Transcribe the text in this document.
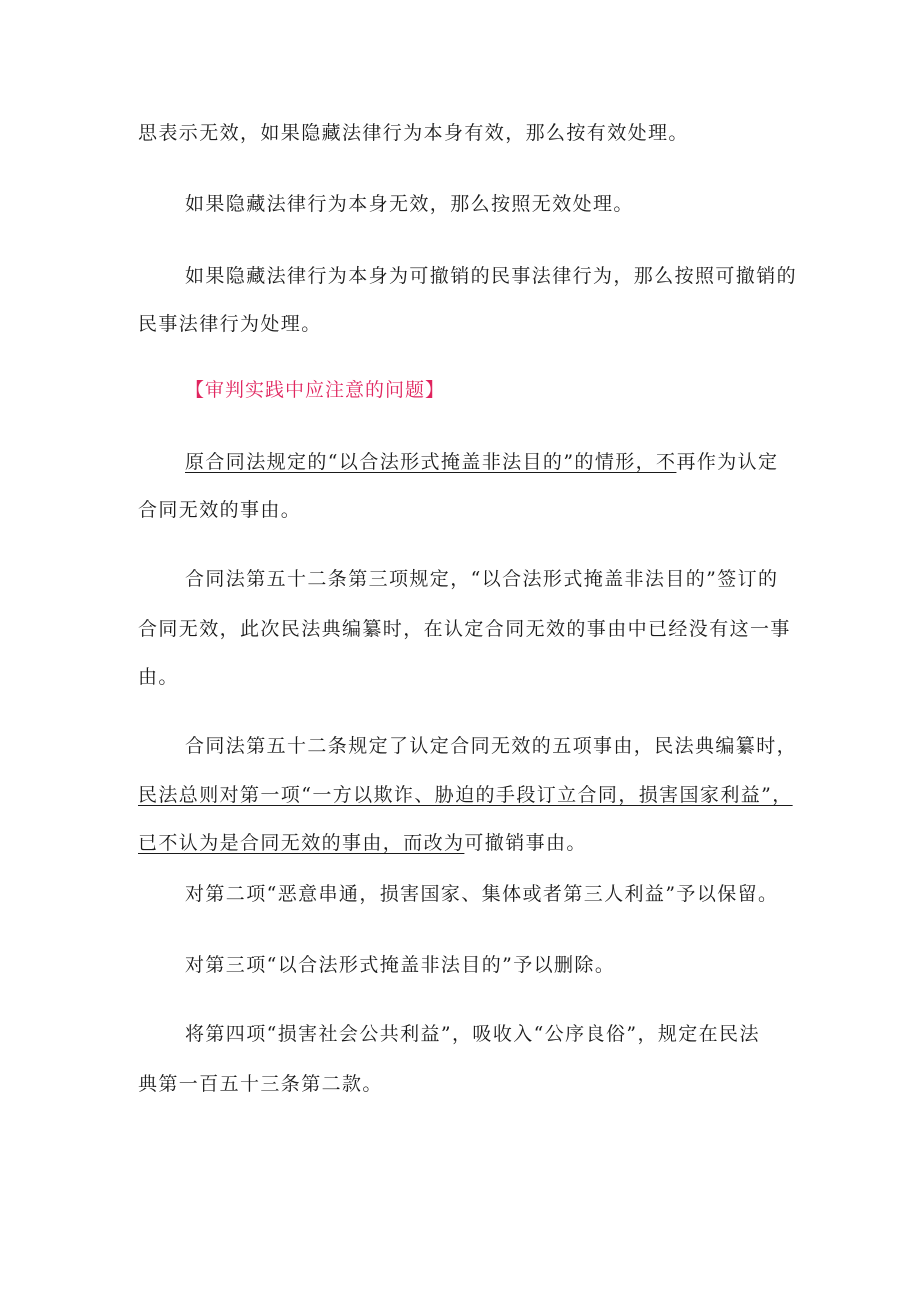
思表示无效，如果隐藏法律行为本身有效，那么按有效处理。
如果隐藏法律行为本身无效，那么按照无效处理。
如果隐藏法律行为本身为可撤销的民事法律行为，那么按照可撤销的
民事法律行为处理。
【审判实践中应注意的问题】
原合同法规定的“以合法形式掩盖非法目的”的情形，不再作为认定
合同无效的事由。
合同法第五十二条第三项规定，“以合法形式掩盖非法目的”签订的
合同无效，此次民法典编纂时，在认定合同无效的事由中已经没有这一事
由。
合同法第五十二条规定了认定合同无效的五项事由，民法典编纂时，
民法总则对第一项“一方以欺诈、胁迫的手段订立合同，损害国家利益”，
已不认为是合同无效的事由，而改为可撤销事由。
对第二项“恶意串通，损害国家、集体或者第三人利益”予以保留。
对第三项“以合法形式掩盖非法目的”予以删除。
将第四项“损害社会公共利益”，吸收入“公序良俗”，规定在民法
典第一百五十三条第二款。
